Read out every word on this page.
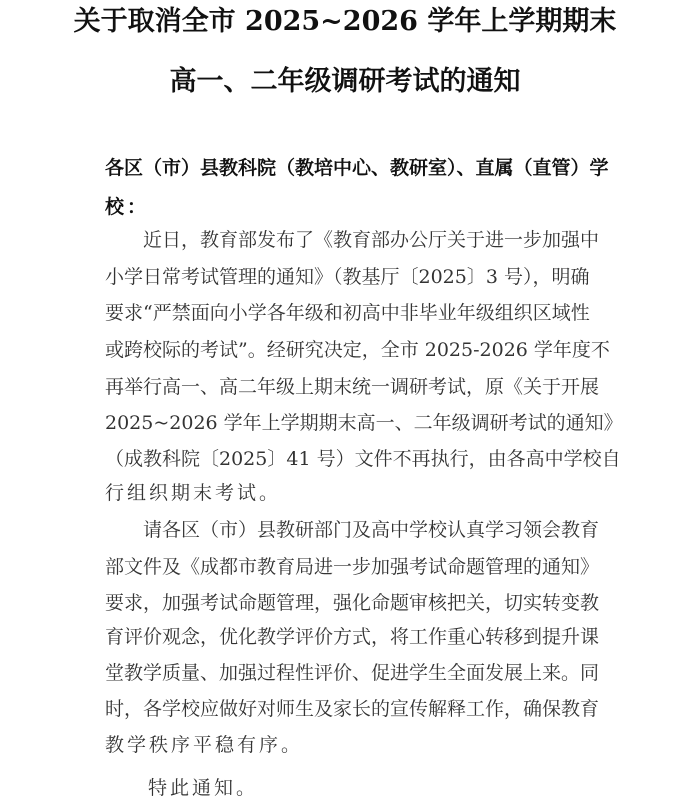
关于取消全市 2025~2026 学年上学期期末
高一、二年级调研考试的通知
各区（市）县教科院（教培中心、教研室）、直属（直管）学
校：
近日，教育部发布了《教育部办公厅关于进一步加强中
小学日常考试管理的通知》（教基厅〔2025〕3 号），明确
要求“严禁面向小学各年级和初高中非毕业年级组织区域性
或跨校际的考试”。经研究决定，全市 2025-2026 学年度不
再举行高一、高二年级上期末统一调研考试，原《关于开展
2025~2026 学年上学期期末高一、二年级调研考试的通知》
（成教科院〔2025〕41 号）文件不再执行，由各高中学校自
行组织期末考试。
请各区（市）县教研部门及高中学校认真学习领会教育
部文件及《成都市教育局进一步加强考试命题管理的通知》
要求，加强考试命题管理，强化命题审核把关，切实转变教
育评价观念，优化教学评价方式，将工作重心转移到提升课
堂教学质量、加强过程性评价、促进学生全面发展上来。同
时，各学校应做好对师生及家长的宣传解释工作，确保教育
教学秩序平稳有序。
特此通知。
